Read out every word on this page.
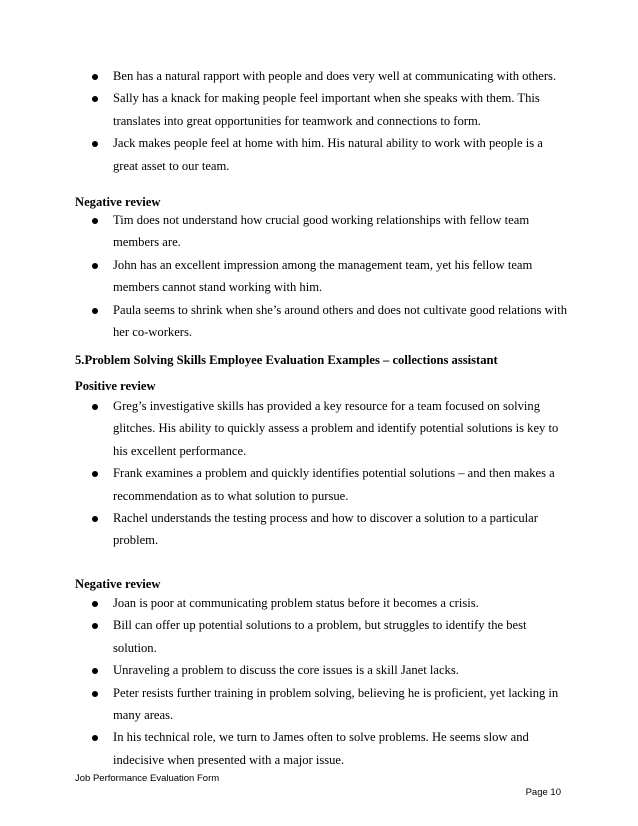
Ben has a natural rapport with people and does very well at communicating with others.
Sally has a knack for making people feel important when she speaks with them. This translates into great opportunities for teamwork and connections to form.
Jack makes people feel at home with him. His natural ability to work with people is a great asset to our team.
Negative review
Tim does not understand how crucial good working relationships with fellow team members are.
John has an excellent impression among the management team, yet his fellow team members cannot stand working with him.
Paula seems to shrink when she’s around others and does not cultivate good relations with her co-workers.
5.Problem Solving Skills Employee Evaluation Examples – collections assistant
Positive review
Greg’s investigative skills has provided a key resource for a team focused on solving glitches. His ability to quickly assess a problem and identify potential solutions is key to his excellent performance.
Frank examines a problem and quickly identifies potential solutions – and then makes a recommendation as to what solution to pursue.
Rachel understands the testing process and how to discover a solution to a particular problem.
Negative review
Joan is poor at communicating problem status before it becomes a crisis.
Bill can offer up potential solutions to a problem, but struggles to identify the best solution.
Unraveling a problem to discuss the core issues is a skill Janet lacks.
Peter resists further training in problem solving, believing he is proficient, yet lacking in many areas.
In his technical role, we turn to James often to solve problems. He seems slow and indecisive when presented with a major issue.
Job Performance Evaluation Form
Page 10
